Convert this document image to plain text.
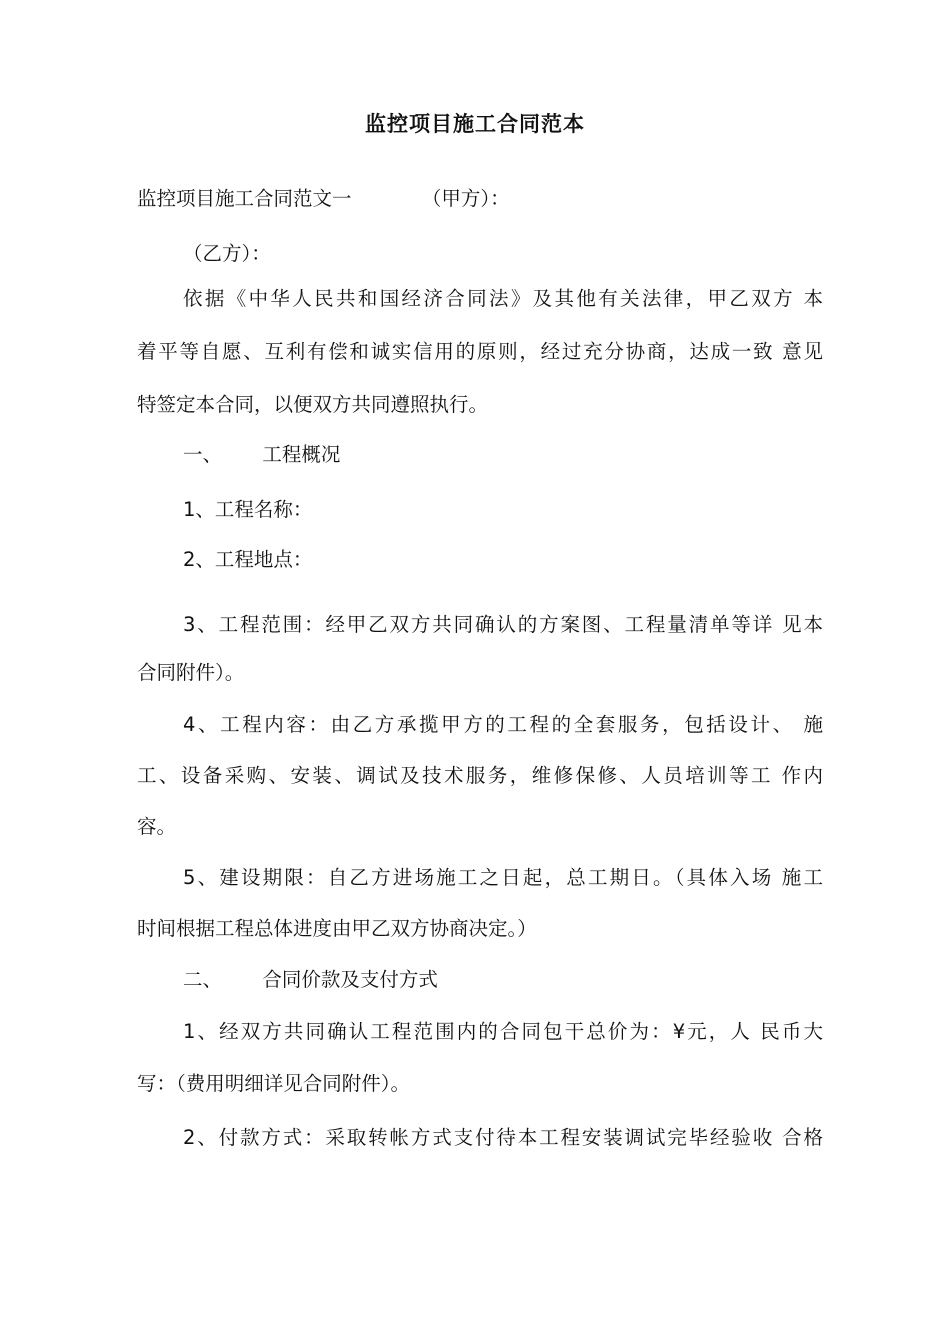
监控项目施工合同范本
监控项目施工合同范文一	（甲方）：
（乙方）：
依据《中华人民共和国经济合同法》及其他有关法律，甲乙双方 本
着平等自愿、互利有偿和诚实信用的原则，经过充分协商，达成一致 意见
特签定本合同，以便双方共同遵照执行。
一、 工程概况
1、工程名称：
2、工程地点：
3、工程范围：经甲乙双方共同确认的方案图、工程量清单等详 见本
合同附件）。
4、工程内容：由乙方承揽甲方的工程的全套服务，包括设计、 施
工、设备采购、安装、调试及技术服务，维修保修、人员培训等工 作内
容。
5、建设期限：自乙方进场施工之日起，总工期日。（具体入场 施工
时间根据工程总体进度由甲乙双方协商决定。）
二、 合同价款及支付方式
1、经双方共同确认工程范围内的合同包干总价为：¥元，人 民币大
写：（费用明细详见合同附件）。
2、付款方式：采取转帐方式支付待本工程安装调试完毕经验收 合格
